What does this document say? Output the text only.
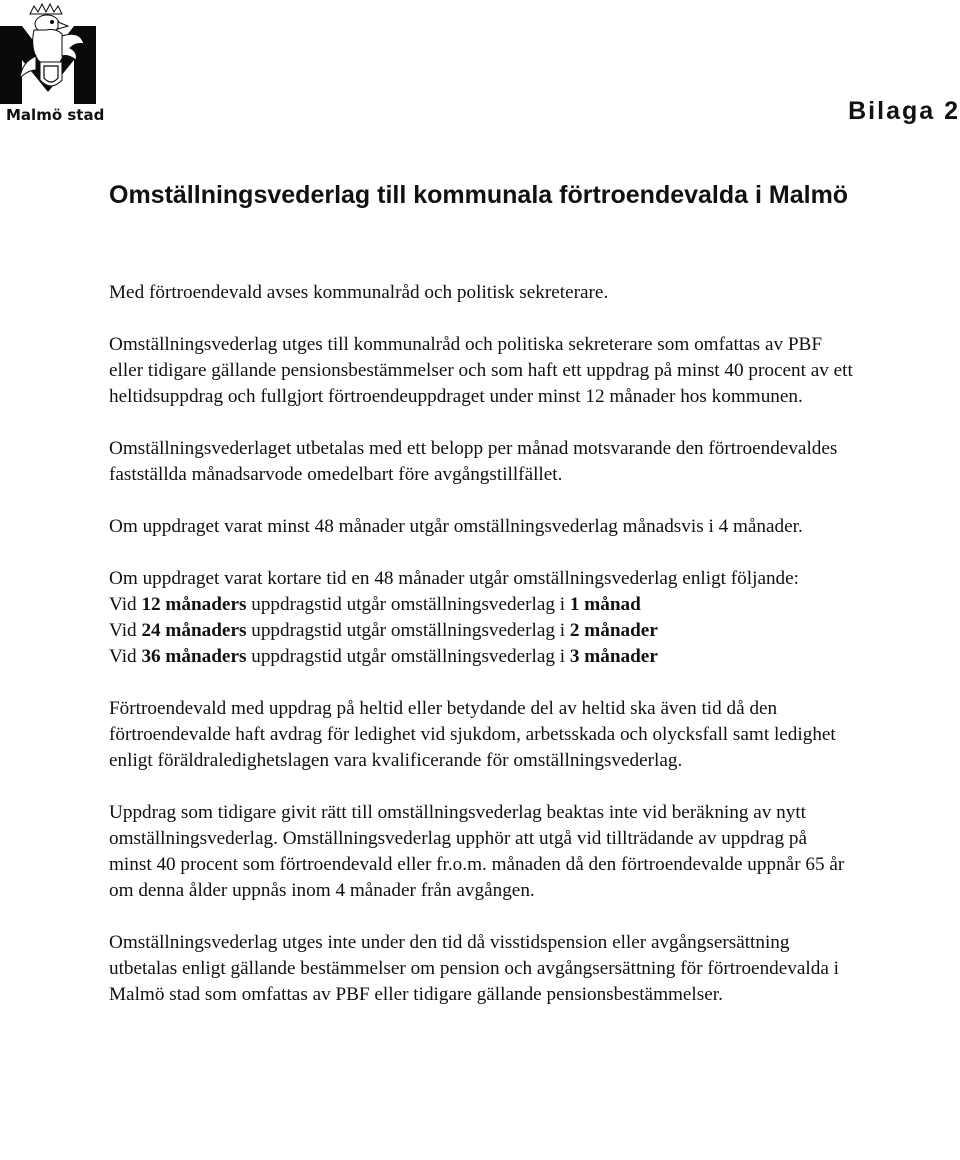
Malmö stad	Bilaga 2
Omställningsvederlag till kommunala förtroendevalda i Malmö

Med förtroendevald avses kommunalråd och politisk sekreterare.

Omställningsvederlag utges till kommunalråd och politiska sekreterare som omfattas av PBF eller tidigare gällande pensionsbestämmelser och som haft ett uppdrag på minst 40 procent av ett heltidsuppdrag och fullgjort förtroendeuppdraget under minst 12 månader hos kommunen.

Omställningsvederlaget utbetalas med ett belopp per månad motsvarande den förtroendevaldes fastställda månadsarvode omedelbart före avgångstillfället.

Om uppdraget varat minst 48 månader utgår omställningsvederlag månadsvis i 4 månader.

Om uppdraget varat kortare tid en 48 månader utgår omställningsvederlag enligt följande:

Vid 12 månaders uppdragstid utgår omställningsvederlag i 1 månad
Vid 24 månaders uppdragstid utgår omställningsvederlag i 2 månader
Vid 36 månaders uppdragstid utgår omställningsvederlag i 3 månader

Förtroendevald med uppdrag på heltid eller betydande del av heltid ska även tid då den förtroendevalde haft avdrag för ledighet vid sjukdom, arbetsskada och olycksfall samt ledighet enligt föräldraledighetslagen vara kvalificerande för omställningsvederlag.

Uppdrag som tidigare givit rätt till omställningsvederlag beaktas inte vid beräkning av nytt omställningsvederlag. Omställningsvederlag upphör att utgå vid tillträdande av uppdrag på minst 40 procent som förtroendevald eller fr.o.m. månaden då den förtroendevalde uppnår 65 år om denna ålder uppnås inom 4 månader från avgången.

Omställningsvederlag utges inte under den tid då visstidspension eller avgångsersättning utbetalas enligt gällande bestämmelser om pension och avgångsersättning för förtroendevalda i Malmö stad som omfattas av PBF eller tidigare gällande pensionsbestämmelser.
